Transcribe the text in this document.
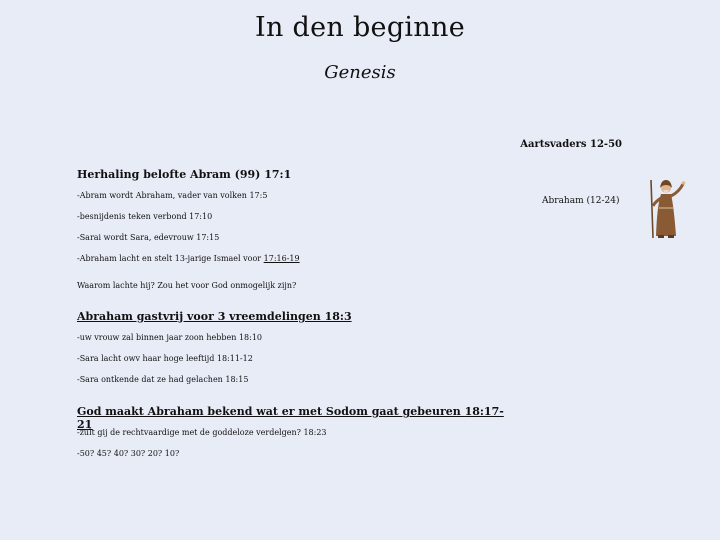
In den beginne
Genesis
Aartsvaders 12-50
Abraham (12-24)
Herhaling belofte Abram (99) 17:1
-Abram wordt Abraham, vader van volken 17:5
-besnijdenis teken verbond 17:10
-Sarai wordt Sara, edevrouw 17:15
-Abraham lacht en stelt 13-jarige Ismael voor 17:16-19
Waarom lachte hij? Zou het voor God onmogelijk zijn?
Abraham gastvrij voor 3 vreemdelingen 18:3
-uw vrouw zal binnen jaar zoon hebben 18:10
-Sara lacht owv haar hoge leeftijd 18:11-12
-Sara ontkende dat ze had gelachen 18:15
God maakt Abraham bekend wat er met Sodom gaat gebeuren 18:17-21
-zult gij de rechtvaardige met de goddeloze verdelgen? 18:23
-50? 45? 40? 30? 20? 10?
